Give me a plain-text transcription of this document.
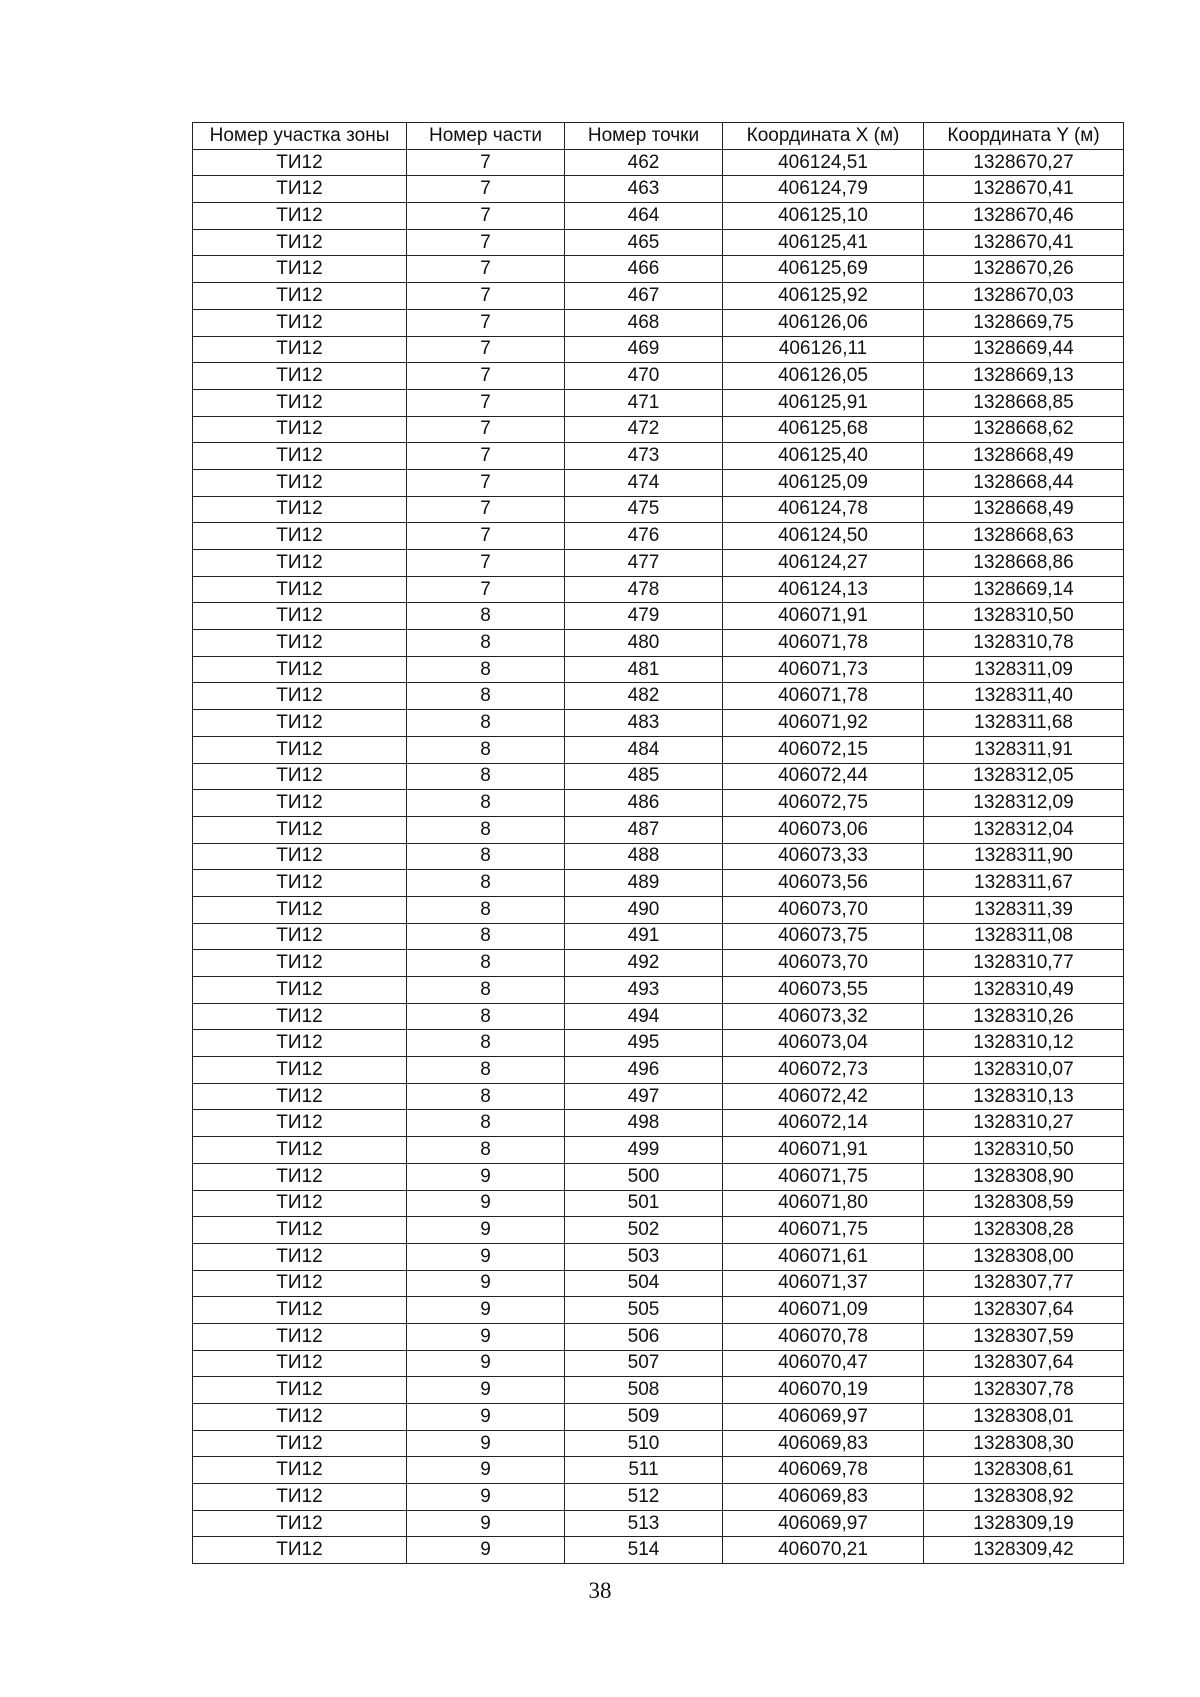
Номер участка зоны	Номер части	Номер точки	Координата X (м)	Координата Y (м)
ТИ12	7	462	406124,51	1328670,27
ТИ12	7	463	406124,79	1328670,41
ТИ12	7	464	406125,10	1328670,46
ТИ12	7	465	406125,41	1328670,41
ТИ12	7	466	406125,69	1328670,26
ТИ12	7	467	406125,92	1328670,03
ТИ12	7	468	406126,06	1328669,75
ТИ12	7	469	406126,11	1328669,44
ТИ12	7	470	406126,05	1328669,13
ТИ12	7	471	406125,91	1328668,85
ТИ12	7	472	406125,68	1328668,62
ТИ12	7	473	406125,40	1328668,49
ТИ12	7	474	406125,09	1328668,44
ТИ12	7	475	406124,78	1328668,49
ТИ12	7	476	406124,50	1328668,63
ТИ12	7	477	406124,27	1328668,86
ТИ12	7	478	406124,13	1328669,14
ТИ12	8	479	406071,91	1328310,50
ТИ12	8	480	406071,78	1328310,78
ТИ12	8	481	406071,73	1328311,09
ТИ12	8	482	406071,78	1328311,40
ТИ12	8	483	406071,92	1328311,68
ТИ12	8	484	406072,15	1328311,91
ТИ12	8	485	406072,44	1328312,05
ТИ12	8	486	406072,75	1328312,09
ТИ12	8	487	406073,06	1328312,04
ТИ12	8	488	406073,33	1328311,90
ТИ12	8	489	406073,56	1328311,67
ТИ12	8	490	406073,70	1328311,39
ТИ12	8	491	406073,75	1328311,08
ТИ12	8	492	406073,70	1328310,77
ТИ12	8	493	406073,55	1328310,49
ТИ12	8	494	406073,32	1328310,26
ТИ12	8	495	406073,04	1328310,12
ТИ12	8	496	406072,73	1328310,07
ТИ12	8	497	406072,42	1328310,13
ТИ12	8	498	406072,14	1328310,27
ТИ12	8	499	406071,91	1328310,50
ТИ12	9	500	406071,75	1328308,90
ТИ12	9	501	406071,80	1328308,59
ТИ12	9	502	406071,75	1328308,28
ТИ12	9	503	406071,61	1328308,00
ТИ12	9	504	406071,37	1328307,77
ТИ12	9	505	406071,09	1328307,64
ТИ12	9	506	406070,78	1328307,59
ТИ12	9	507	406070,47	1328307,64
ТИ12	9	508	406070,19	1328307,78
ТИ12	9	509	406069,97	1328308,01
ТИ12	9	510	406069,83	1328308,30
ТИ12	9	511	406069,78	1328308,61
ТИ12	9	512	406069,83	1328308,92
ТИ12	9	513	406069,97	1328309,19
ТИ12	9	514	406070,21	1328309,42
38
